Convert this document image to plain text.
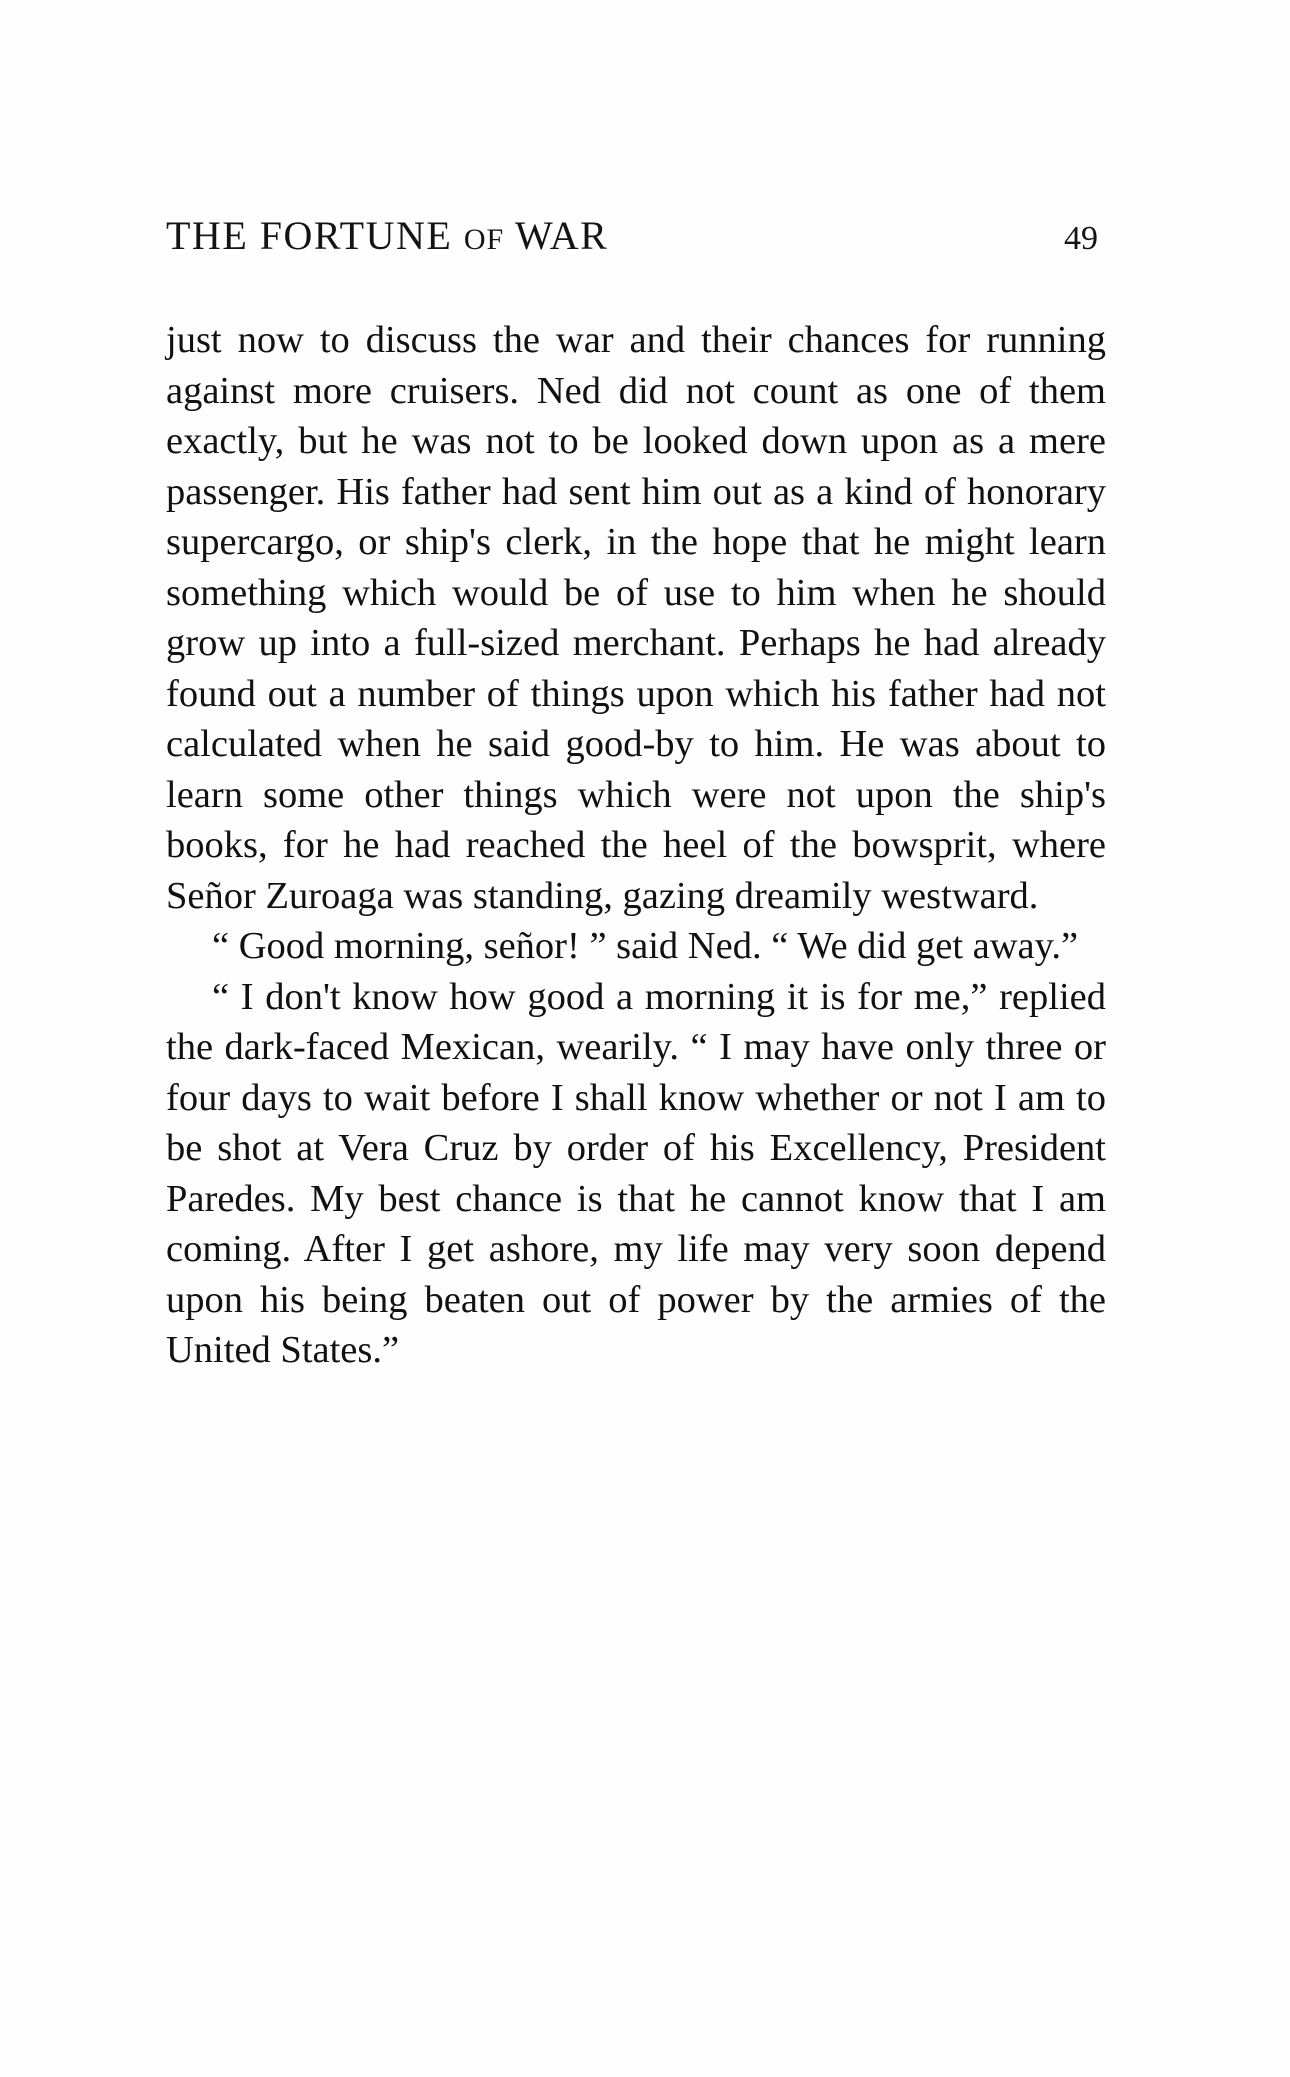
THE FORTUNE OF WAR	49

just now to discuss the war and their chances for running against more cruisers. Ned did not count as one of them exactly, but he was not to be looked down upon as a mere passenger. His father had sent him out as a kind of honorary supercargo, or ship's clerk, in the hope that he might learn something which would be of use to him when he should grow up into a full-sized merchant. Perhaps he had already found out a number of things upon which his father had not calculated when he said good-by to him. He was about to learn some other things which were not upon the ship's books, for he had reached the heel of the bowsprit, where Señor Zuroaga was standing, gazing dreamily westward.

“ Good morning, señor! ” said Ned. “ We did get away.”

“ I don't know how good a morning it is for me,” replied the dark-faced Mexican, wearily. “ I may have only three or four days to wait before I shall know whether or not I am to be shot at Vera Cruz by order of his Excellency, President Paredes. My best chance is that he cannot know that I am coming. After I get ashore, my life may very soon depend upon his being beaten out of power by the armies of the United States.”
